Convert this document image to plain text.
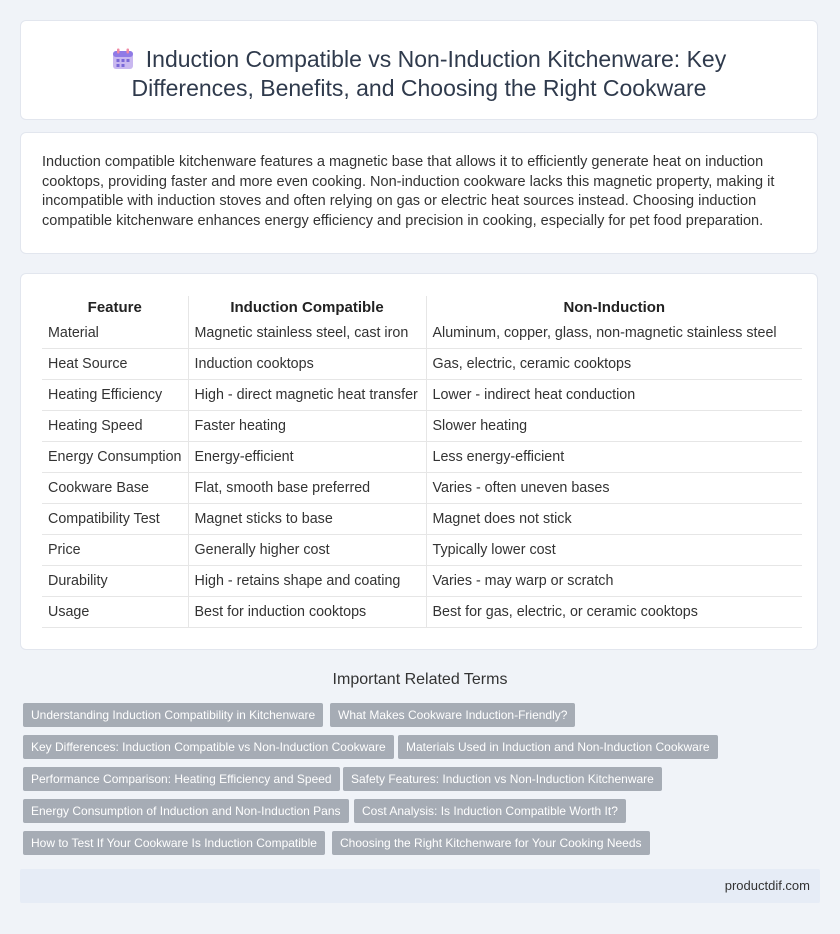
Induction Compatible vs Non-Induction Kitchenware: Key Differences, Benefits, and Choosing the Right Cookware

Induction compatible kitchenware features a magnetic base that allows it to efficiently generate heat on induction cooktops, providing faster and more even cooking. Non-induction cookware lacks this magnetic property, making it incompatible with induction stoves and often relying on gas or electric heat sources instead. Choosing induction compatible kitchenware enhances energy efficiency and precision in cooking, especially for pet food preparation.

Feature	Induction Compatible	Non-Induction
Material	Magnetic stainless steel, cast iron	Aluminum, copper, glass, non-magnetic stainless steel
Heat Source	Induction cooktops	Gas, electric, ceramic cooktops
Heating Efficiency	High - direct magnetic heat transfer	Lower - indirect heat conduction
Heating Speed	Faster heating	Slower heating
Energy Consumption	Energy-efficient	Less energy-efficient
Cookware Base	Flat, smooth base preferred	Varies - often uneven bases
Compatibility Test	Magnet sticks to base	Magnet does not stick
Price	Generally higher cost	Typically lower cost
Durability	High - retains shape and coating	Varies - may warp or scratch
Usage	Best for induction cooktops	Best for gas, electric, or ceramic cooktops
Important Related Terms
Understanding Induction Compatibility in Kitchenware	What Makes Cookware Induction-Friendly?
Key Differences: Induction Compatible vs Non-Induction Cookware	Materials Used in Induction and Non-Induction Cookware
Performance Comparison: Heating Efficiency and Speed	Safety Features: Induction vs Non-Induction Kitchenware
Energy Consumption of Induction and Non-Induction Pans	Cost Analysis: Is Induction Compatible Worth It?
How to Test If Your Cookware Is Induction Compatible	Choosing the Right Kitchenware for Your Cooking Needs
productdif.com
